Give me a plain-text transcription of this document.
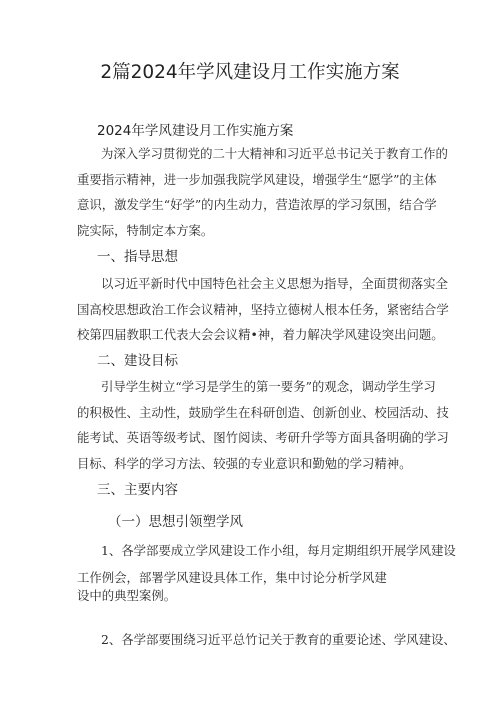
2篇2024年学风建设月工作实施方案
2024年学风建设月工作实施方案
为深入学习贯彻党的二十大精神和习近平总书记关于教育工作的
重要指示精神，进一步加强我院学风建设，增强学生“愿学”的主体
意识，激发学生“好学”的内生动力，营造浓厚的学习氛围，结合学
院实际，特制定本方案。
一、指导思想
以习近平新时代中国特色社会主义思想为指导，全面贯彻落实全
国高校思想政治工作会议精神，坚持立德树人根本任务，紧密结合学
校第四届教职工代表大会会议精•神，着力解决学风建设突出问题。
二、建设目标
引导学生树立“学习是学生的第一要务”的观念，调动学生学习
的积极性、主动性，鼓励学生在科研创造、创新创业、校园活动、技
能考试、英语等级考试、图竹阅读、考研升学等方面具备明确的学习
目标、科学的学习方法、较强的专业意识和勤勉的学习精神。
三、主要内容
（一）思想引领塑学风
1、各学部要成立学风建设工作小组，每月定期组织开展学风建设
工作例会，部署学风建设具体工作，集中讨论分析学风建
设中的典型案例。
2、各学部要围绕习近平总竹记关于教育的重要论述、学风建设、
